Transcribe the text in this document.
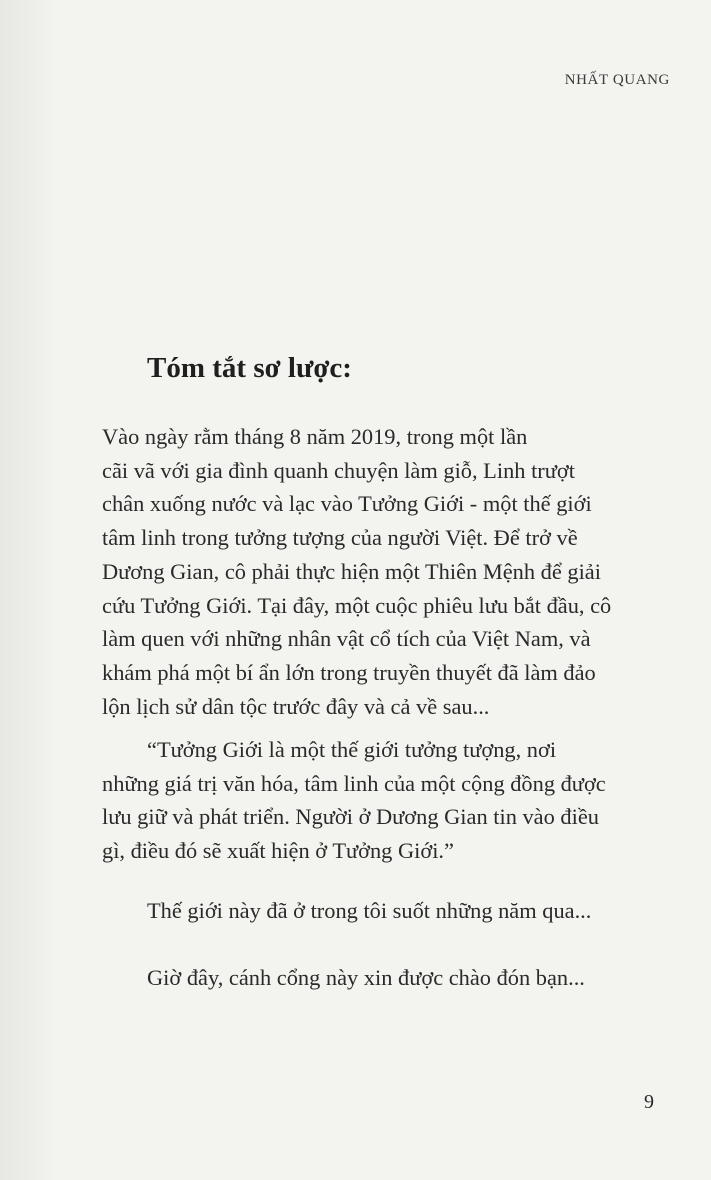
NHẤT QUANG
Tóm tắt sơ lược:
Vào ngày rằm tháng 8 năm 2019, trong một lần
cãi vã với gia đình quanh chuyện làm giỗ, Linh trượt
chân xuống nước và lạc vào Tưởng Giới - một thế giới
tâm linh trong tưởng tượng của người Việt. Để trở về
Dương Gian, cô phải thực hiện một Thiên Mệnh để giải
cứu Tưởng Giới. Tại đây, một cuộc phiêu lưu bắt đầu, cô
làm quen với những nhân vật cổ tích của Việt Nam, và
khám phá một bí ẩn lớn trong truyền thuyết đã làm đảo
lộn lịch sử dân tộc trước đây và cả về sau...
“Tưởng Giới là một thế giới tưởng tượng, nơi
những giá trị văn hóa, tâm linh của một cộng đồng được
lưu giữ và phát triển. Người ở Dương Gian tin vào điều
gì, điều đó sẽ xuất hiện ở Tưởng Giới.”
Thế giới này đã ở trong tôi suốt những năm qua...
Giờ đây, cánh cổng này xin được chào đón bạn...
9
